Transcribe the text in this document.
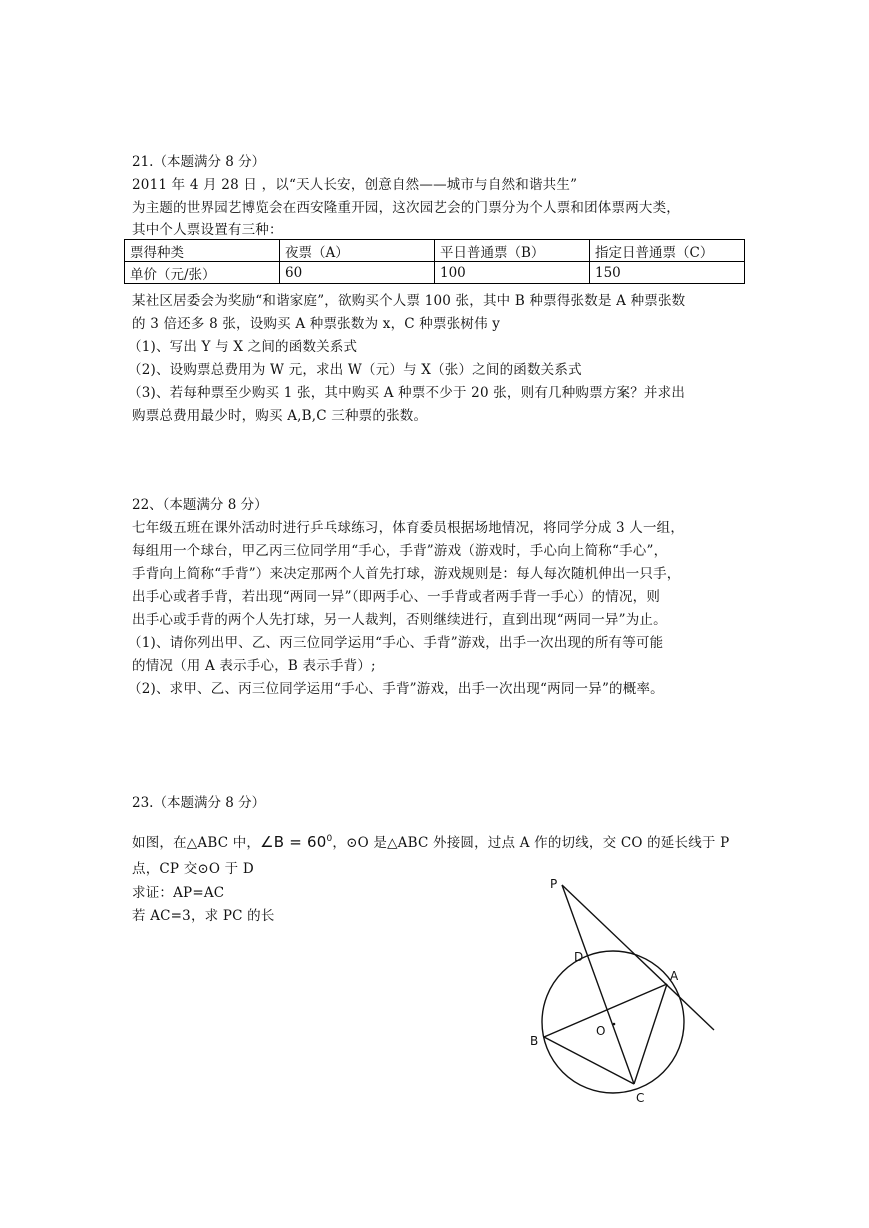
21.（本题满分 8 分）
2011 年 4 月 28 日 ，以“天人长安，创意自然——城市与自然和谐共生”
为主题的世界园艺博览会在西安隆重开园，这次园艺会的门票分为个人票和团体票两大类，
其中个人票设置有三种：
票得种类	夜票（A）	平日普通票（B）	指定日普通票（C）
单价（元/张）	60	100	150
某社区居委会为奖励“和谐家庭”，欲购买个人票 100 张，其中 B 种票得张数是 A 种票张数
的 3 倍还多 8 张，设购买 A 种票张数为 x，C 种票张树伟 y
（1)、写出 Y 与 X 之间的函数关系式
（2)、设购票总费用为 W 元，求出 W（元）与 X（张）之间的函数关系式
（3)、若每种票至少购买 1 张，其中购买 A 种票不少于 20 张，则有几种购票方案？并求出
购票总费用最少时，购买 A,B,C 三种票的张数。
22、（本题满分 8 分）
七年级五班在课外活动时进行乒乓球练习，体育委员根据场地情况，将同学分成 3 人一组，
每组用一个球台，甲乙丙三位同学用“手心，手背”游戏（游戏时，手心向上简称“手心”，
手背向上简称“手背”）来决定那两个人首先打球，游戏规则是：每人每次随机伸出一只手，
出手心或者手背，若出现“两同一异”（即两手心、一手背或者两手背一手心）的情况，则
出手心或手背的两个人先打球，另一人裁判，否则继续进行，直到出现“两同一异”为止。
（1)、请你列出甲、乙、丙三位同学运用“手心、手背”游戏，出手一次出现的所有等可能
的情况（用 A 表示手心，B 表示手背）;
（2)、求甲、乙、丙三位同学运用“手心、手背”游戏，出手一次出现“两同一异”的概率。
23.（本题满分 8 分）
如图，在△ABC 中，∠B = $60^0$，⊙O 是△ABC 外接圆，过点 A 作的切线，交 CO 的延长线于 P
点，CP 交⊙O 于 D
求证：AP=AC
若 AC=3，求 PC 的长
P
D
A
O
B
C
